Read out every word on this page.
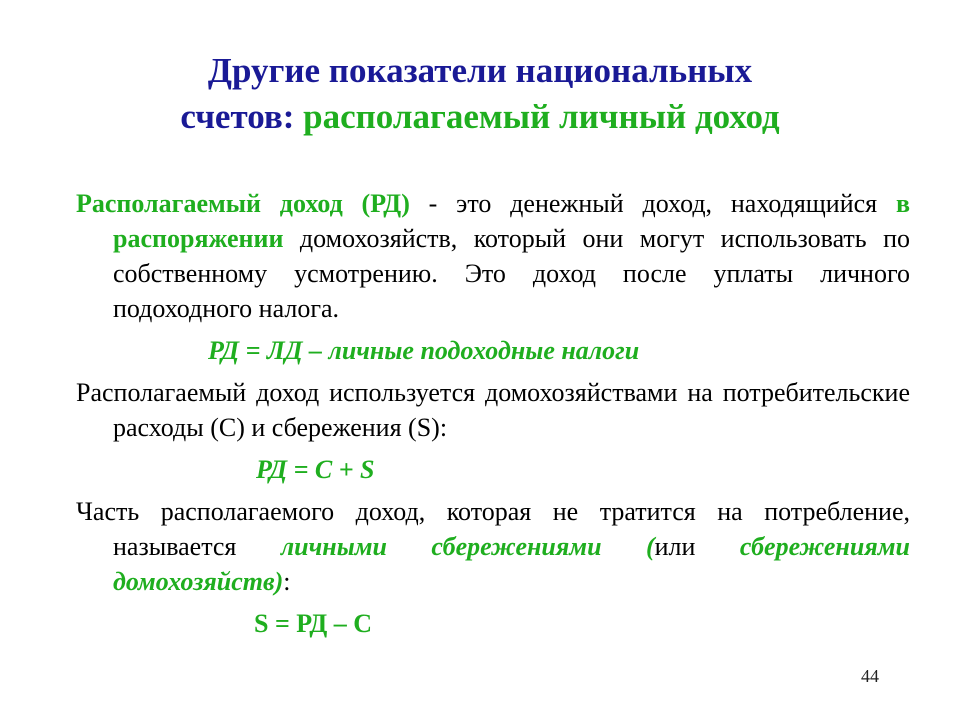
Другие показатели национальных
счетов: располагаемый личный доход

Располагаемый доход (РД) - это денежный доход, находящийся в распоряжении домохозяйств, который они могут использовать по собственному усмотрению. Это доход после уплаты личного подоходного налога.

РД = ЛД – личные подоходные налоги

Располагаемый доход используется домохозяйствами на потребительские расходы (С) и сбережения (S):

РД = С + S

Часть располагаемого доход, которая не тратится на потребление, называется личными сбережениями (или сбережениями домохозяйств):

S = РД – С
44
